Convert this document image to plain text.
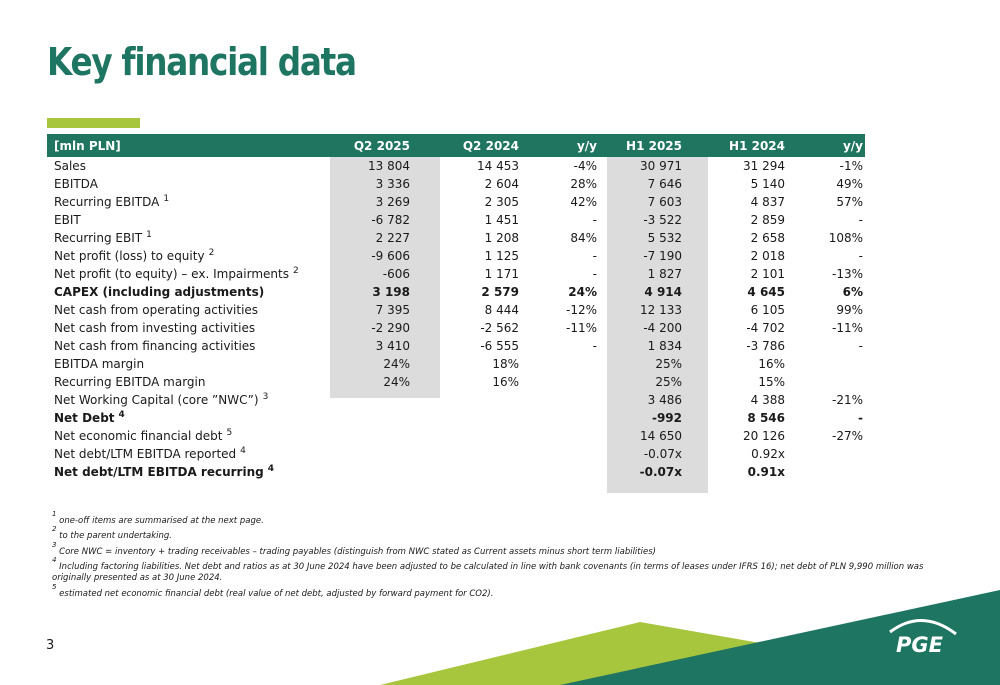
Key financial data
[mln PLN]	Q2 2025	Q2 2024	y/y	H1 2025	H1 2024	y/y
Sales	13 804	14 453	-4%	30 971	31 294	-1%
EBITDA	3 336	2 604	28%	7 646	5 140	49%
Recurring EBITDA $^1$	3 269	2 305	42%	7 603	4 837	57%
EBIT	-6 782	1 451	-	-3 522	2 859	-
Recurring EBIT $^1$	2 227	1 208	84%	5 532	2 658	108%
Net profit (loss) to equity $^2$	-9 606	1 125	-	-7 190	2 018	-
Net profit (to equity) – ex. Impairments $^2$	-606	1 171	-	1 827	2 101	-13%
CAPEX (including adjustments)	3 198	2 579	24%	4 914	4 645	6%
Net cash from operating activities	7 395	8 444	-12%	12 133	6 105	99%
Net cash from investing activities	-2 290	-2 562	-11%	-4 200	-4 702	-11%
Net cash from financing activities	3 410	-6 555	-	1 834	-3 786	-
EBITDA margin	24%	18%		25%	16%	
Recurring EBITDA margin	24%	16%		25%	15%	
Net Working Capital (core ”NWC”) $^3$				3 486	4 388	-21%
Net Debt $^4$				-992	8 546	-
Net economic financial debt $^5$				14 650	20 126	-27%
Net debt/LTM EBITDA reported $^4$				-0.07x	0.92x	
Net debt/LTM EBITDA recurring $^4$				-0.07x	0.91x	
$^1$ one-off items are summarised at the next page.
$^2$ to the parent undertaking.
$^3$ Core NWC = inventory + trading receivables – trading payables (distinguish from NWC stated as Current assets minus short term liabilities)
$^4$ Including factoring liabilities. Net debt and ratios as at 30 June 2024 have been adjusted to be calculated in line with bank covenants (in terms of leases under IFRS 16); net debt of PLN 9,990 million was originally presented as at 30 June 2024.
$^5$ estimated net economic financial debt (real value of net debt, adjusted by forward payment for CO2).
3	PGE
